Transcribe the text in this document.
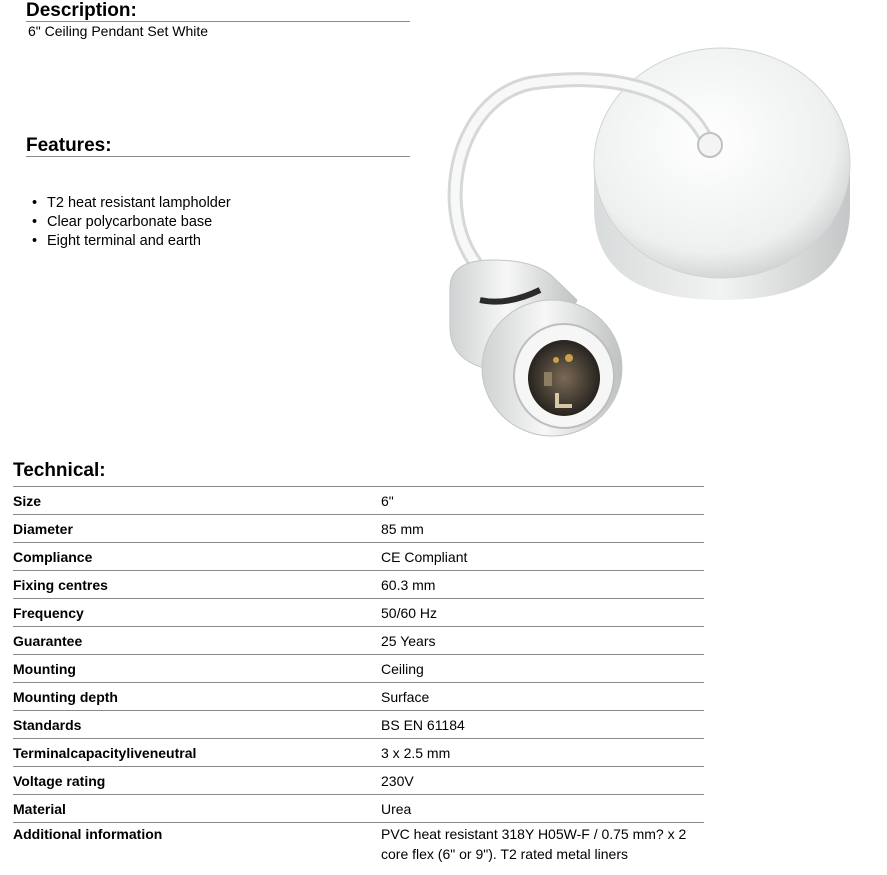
Description:
6" Ceiling Pendant Set White
Features:
• T2 heat resistant lampholder
• Clear polycarbonate base
• Eight terminal and earth
Technical:
Size	6"
Diameter	85 mm
Compliance	CE Compliant
Fixing centres	60.3 mm
Frequency	50/60 Hz
Guarantee	25 Years
Mounting	Ceiling
Mounting depth	Surface
Standards	BS EN 61184
Terminalcapacityliveneutral	3 x 2.5 mm
Voltage rating	230V
Material	Urea
Additional information	PVC heat resistant 318Y H05W-F / 0.75 mm? x 2 core flex (6" or 9"). T2 rated metal liners
